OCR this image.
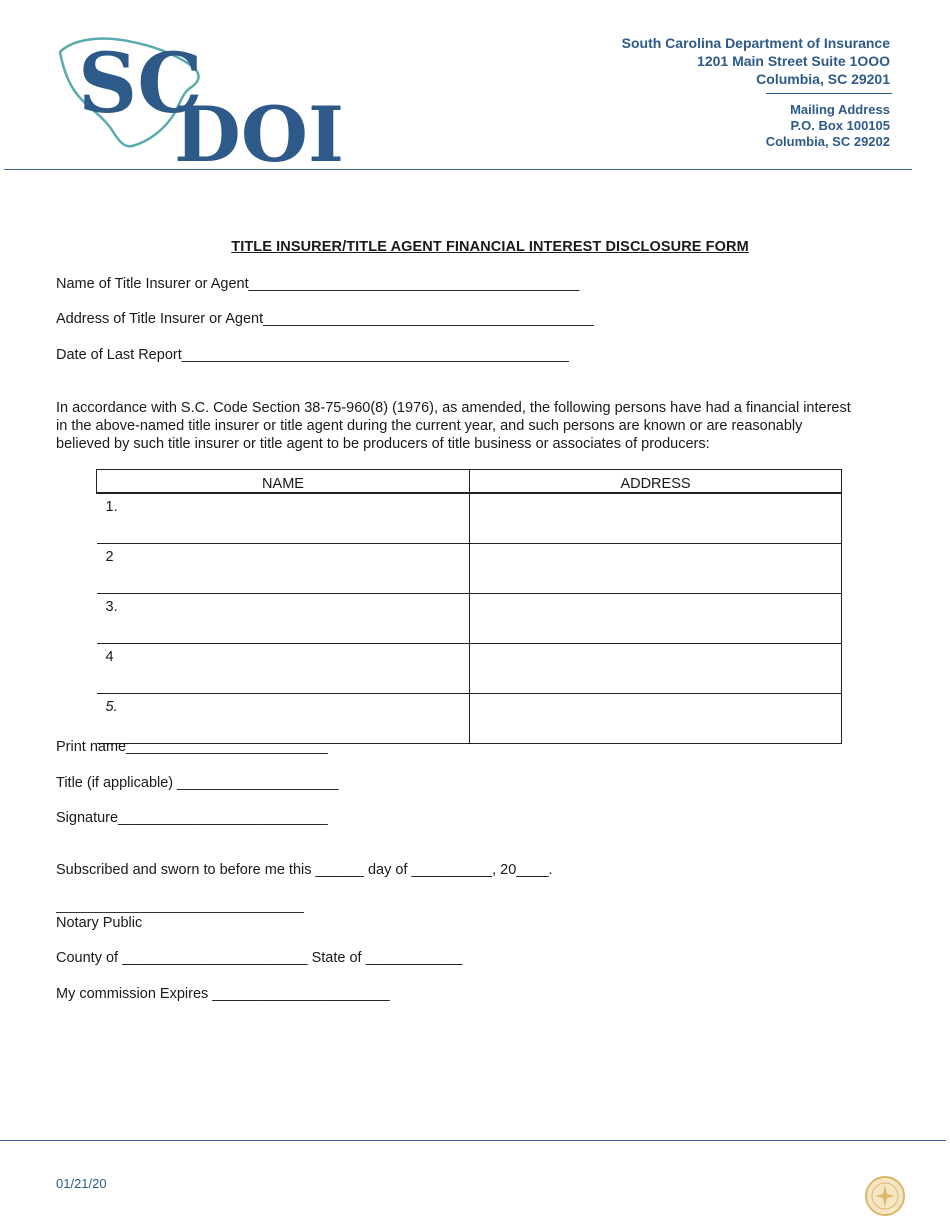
SC
DOI
South Carolina Department of Insurance
1201 Main Street Suite 1OOO
Columbia, SC 29201
Mailing Address
P.O. Box 100105
Columbia, SC 29202
TITLE INSURER/TITLE AGENT FINANCIAL INTEREST DISCLOSURE FORM
Name of Title Insurer or Agent_________________________________________
Address of Title Insurer or Agent_________________________________________
Date of Last Report________________________________________________
In accordance with S.C. Code Section 38-75-960(8) (1976), as amended, the following persons have had a financial interest in the above-named title insurer or title agent during the current year, and such persons are known or are reasonably believed by such title insurer or title agent to be producers of title business or associates of producers:
NAME	ADDRESS
1.	
2	
3.	
4	
5.	
Print name_________________________
Title (if applicable) ____________________
Signature__________________________
Subscribed and sworn to before me this ______ day of __________, 20____.
Notary Public
County of _______________________ State of ____________
My commission Expires ______________________
01/21/20
